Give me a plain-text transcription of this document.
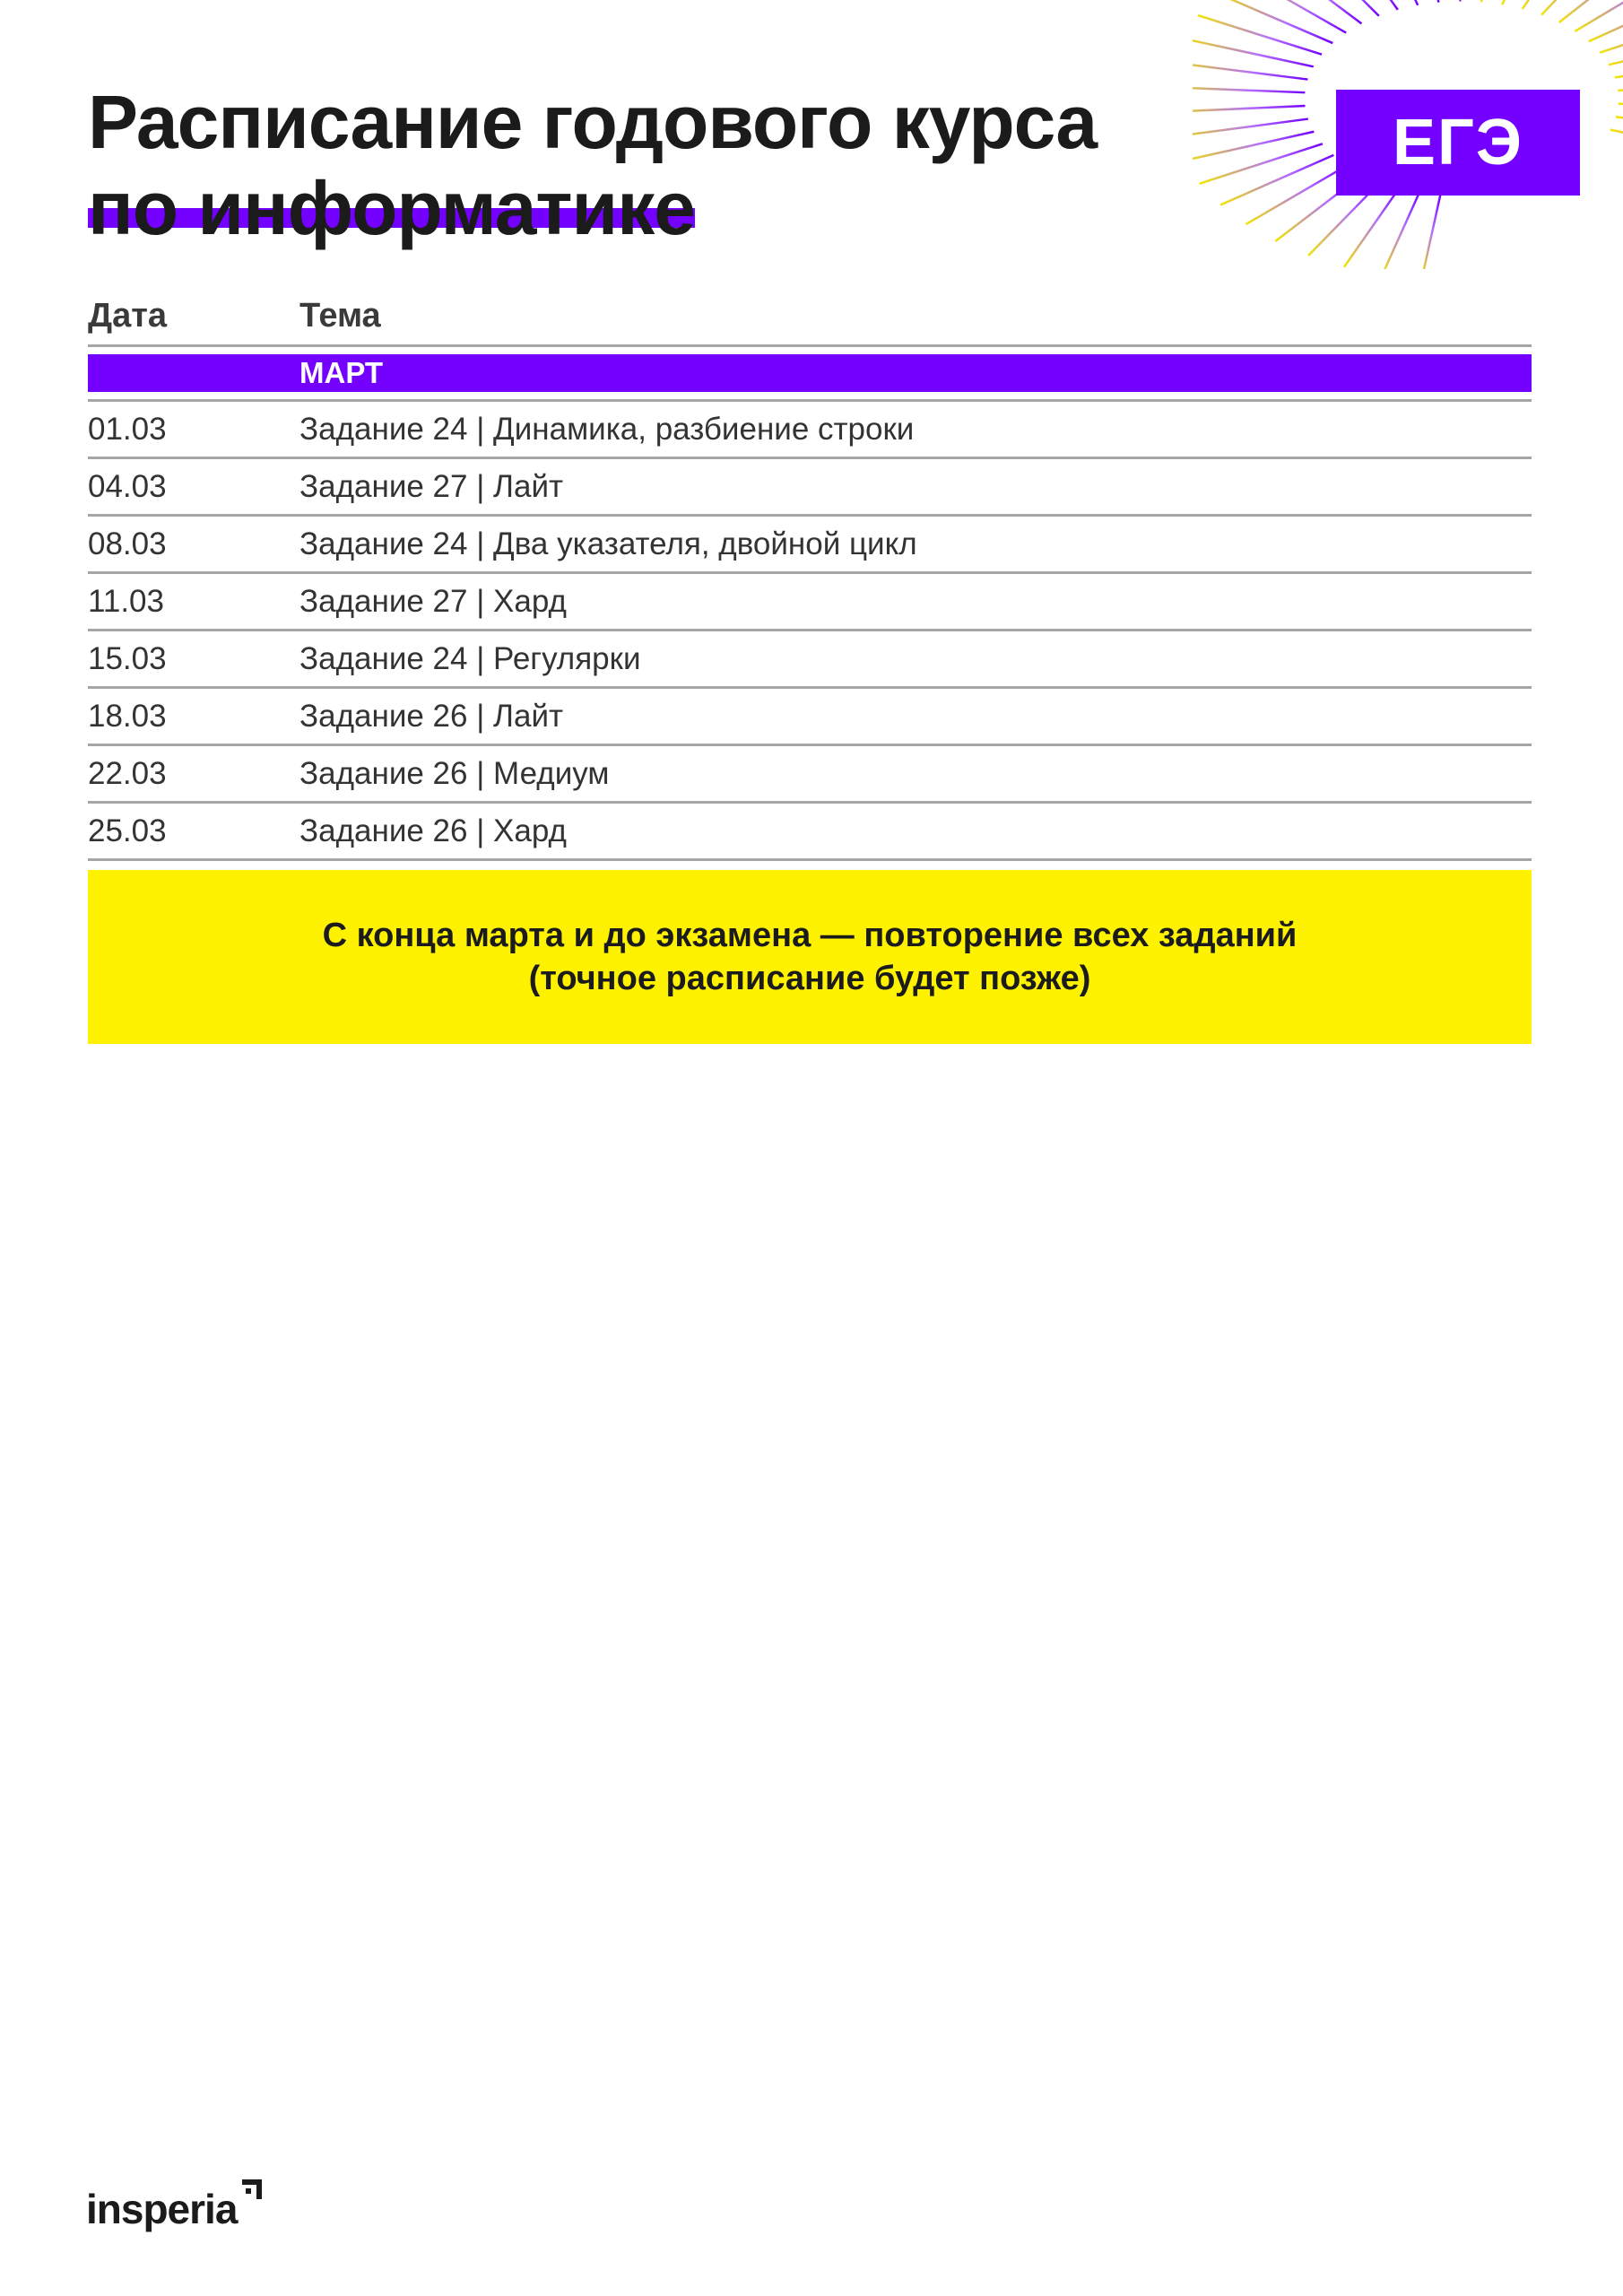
Расписание годового курса
по информатике
ЕГЭ
Дата	Тема
МАРТ
01.03	Задание 24 | Динамика, разбиение строки
04.03	Задание 27 | Лайт
08.03	Задание 24 | Два указателя, двойной цикл
11.03	Задание 27 | Хард
15.03	Задание 24 | Регулярки
18.03	Задание 26 | Лайт
22.03	Задание 26 | Медиум
25.03	Задание 26 | Хард
С конца марта и до экзамена — повторение всех заданий
(точное расписание будет позже)
insperia
